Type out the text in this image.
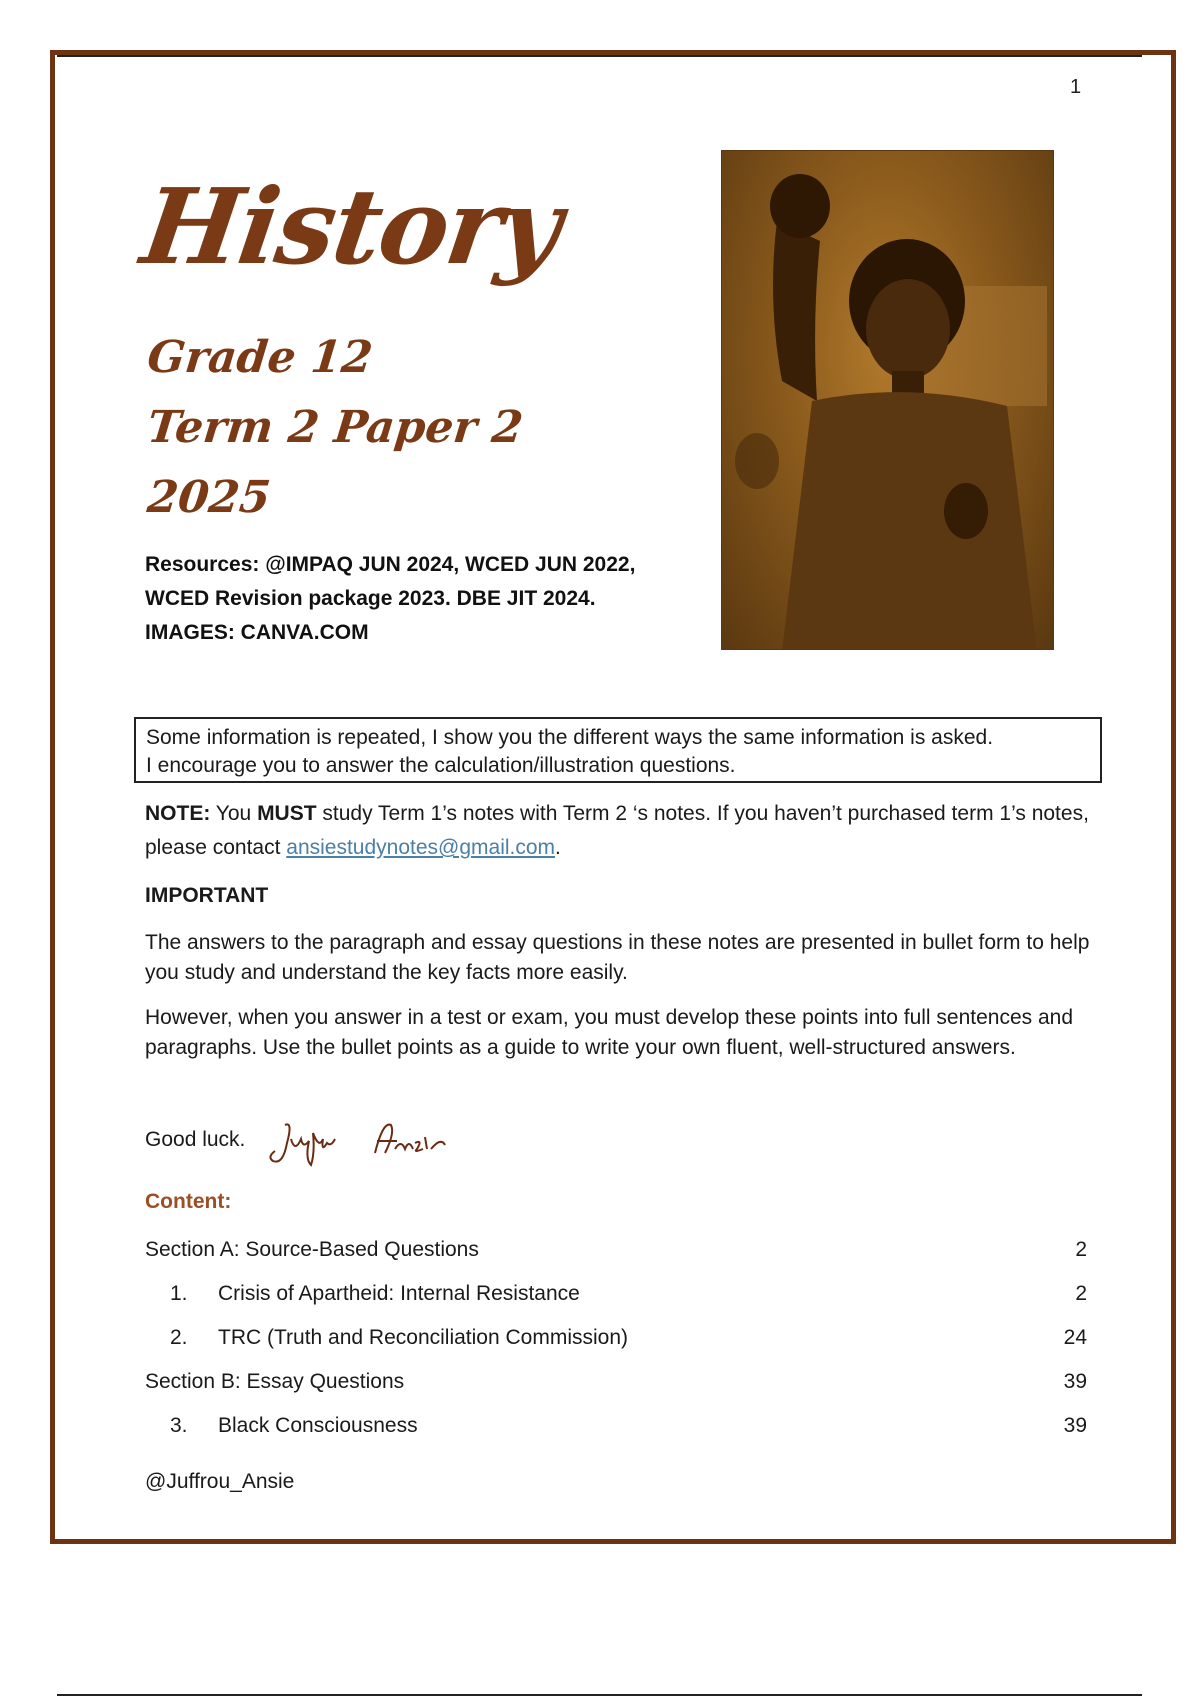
1
History
Grade 12
Term 2 Paper 2
2025
Resources: @IMPAQ JUN 2024, WCED JUN 2022,
WCED Revision package 2023. DBE JIT 2024.
IMAGES: CANVA.COM
Some information is repeated, I show you the different ways the same information is asked.
I encourage you to answer the calculation/illustration questions.
NOTE: You MUST study Term 1’s notes with Term 2 ‘s notes. If you haven’t purchased term 1’s notes, please contact ansiestudynotes@gmail.com.
IMPORTANT
The answers to the paragraph and essay questions in these notes are presented in bullet form to help you study and understand the key facts more easily.
However, when you answer in a test or exam, you must develop these points into full sentences and paragraphs. Use the bullet points as a guide to write your own fluent, well-structured answers.
Good luck.
Content:
Section A: Source-Based Questions	2
1. Crisis of Apartheid: Internal Resistance	2
2. TRC (Truth and Reconciliation Commission)	24
Section B: Essay Questions	39
3. Black Consciousness	39
@Juffrou_Ansie
